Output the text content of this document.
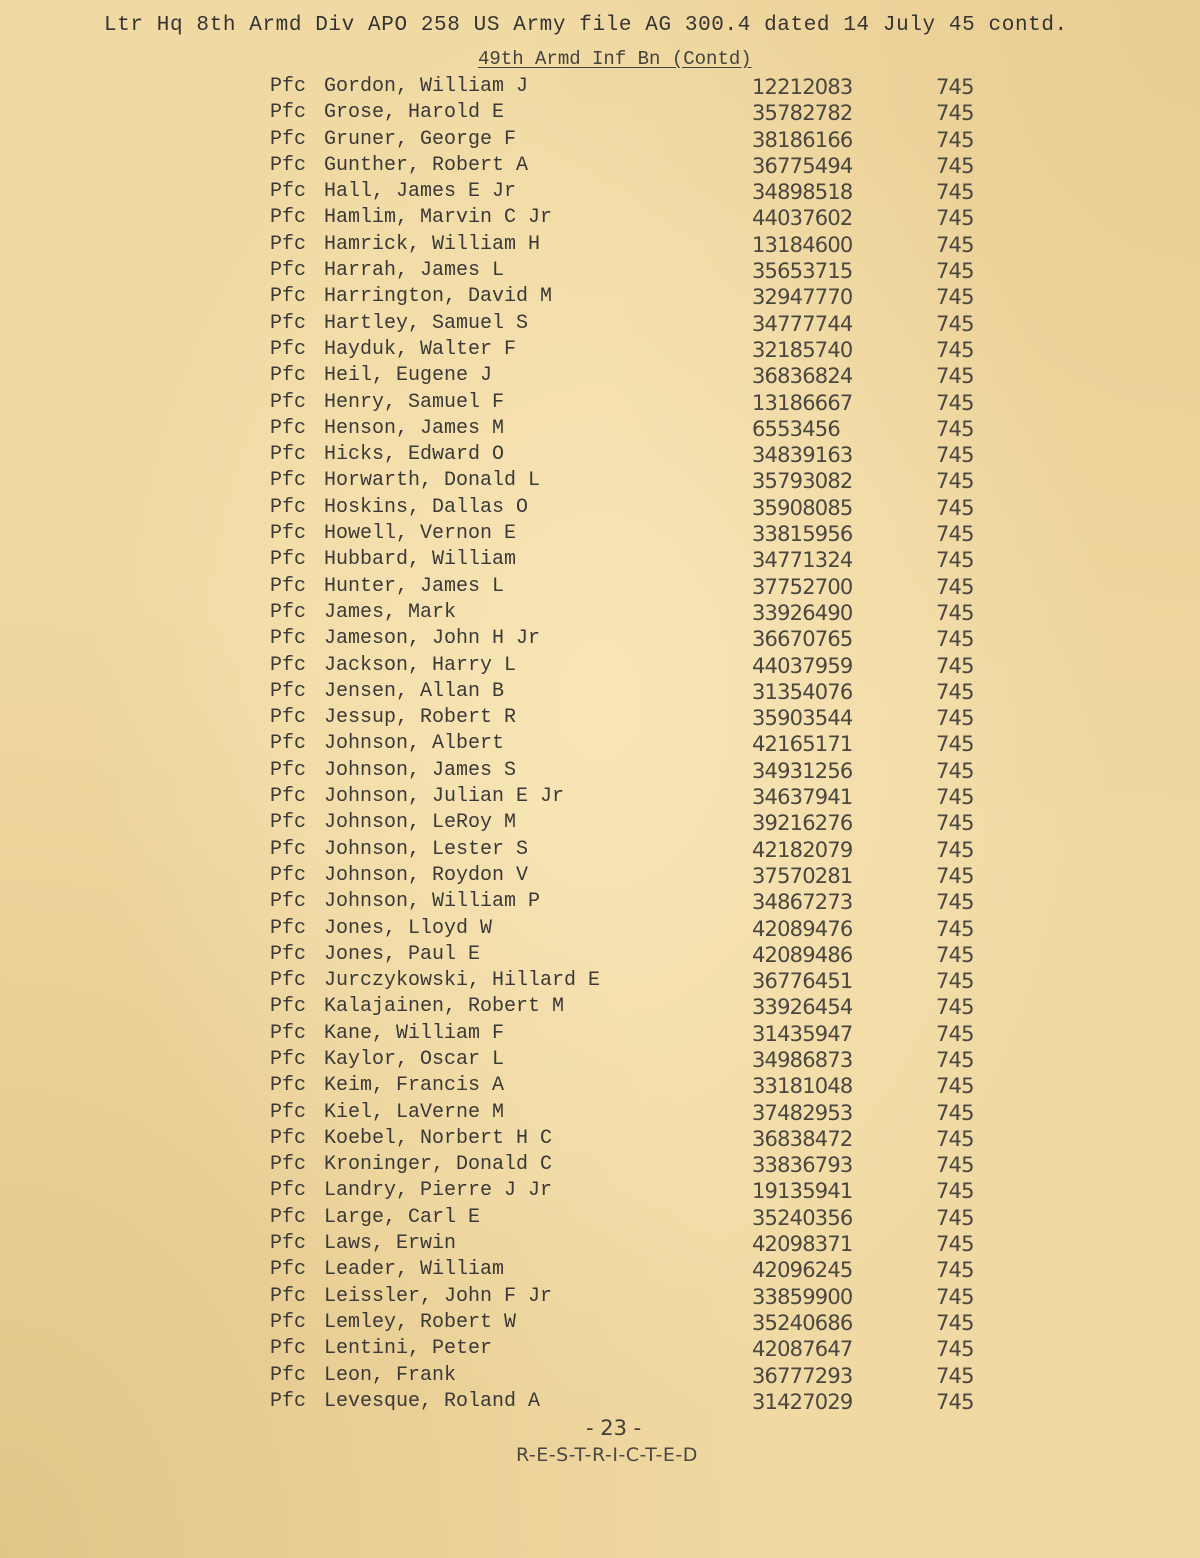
Ltr Hq 8th Armd Div APO 258 US Army file AG 300.4 dated 14 July 45 contd.
49th Armd Inf Bn (Contd)
Pfc Gordon, William J	12212083	745
Pfc Grose, Harold E	35782782	745
Pfc Gruner, George F	38186166	745
Pfc Gunther, Robert A	36775494	745
Pfc Hall, James E Jr	34898518	745
Pfc Hamlim, Marvin C Jr	44037602	745
Pfc Hamrick, William H	13184600	745
Pfc Harrah, James L	35653715	745
Pfc Harrington, David M	32947770	745
Pfc Hartley, Samuel S	34777744	745
Pfc Hayduk, Walter F	32185740	745
Pfc Heil, Eugene J	36836824	745
Pfc Henry, Samuel F	13186667	745
Pfc Henson, James M	6553456	745
Pfc Hicks, Edward O	34839163	745
Pfc Horwarth, Donald L	35793082	745
Pfc Hoskins, Dallas O	35908085	745
Pfc Howell, Vernon E	33815956	745
Pfc Hubbard, William	34771324	745
Pfc Hunter, James L	37752700	745
Pfc James, Mark	33926490	745
Pfc Jameson, John H Jr	36670765	745
Pfc Jackson, Harry L	44037959	745
Pfc Jensen, Allan B	31354076	745
Pfc Jessup, Robert R	35903544	745
Pfc Johnson, Albert	42165171	745
Pfc Johnson, James S	34931256	745
Pfc Johnson, Julian E Jr	34637941	745
Pfc Johnson, LeRoy M	39216276	745
Pfc Johnson, Lester S	42182079	745
Pfc Johnson, Roydon V	37570281	745
Pfc Johnson, William P	34867273	745
Pfc Jones, Lloyd W	42089476	745
Pfc Jones, Paul E	42089486	745
Pfc Jurczykowski, Hillard E	36776451	745
Pfc Kalajainen, Robert M	33926454	745
Pfc Kane, William F	31435947	745
Pfc Kaylor, Oscar L	34986873	745
Pfc Keim, Francis A	33181048	745
Pfc Kiel, LaVerne M	37482953	745
Pfc Koebel, Norbert H C	36838472	745
Pfc Kroninger, Donald C	33836793	745
Pfc Landry, Pierre J Jr	19135941	745
Pfc Large, Carl E	35240356	745
Pfc Laws, Erwin	42098371	745
Pfc Leader, William	42096245	745
Pfc Leissler, John F Jr	33859900	745
Pfc Lemley, Robert W	35240686	745
Pfc Lentini, Peter	42087647	745
Pfc Leon, Frank	36777293	745
Pfc Levesque, Roland A	31427029	745
- 23 -
R-E-S-T-R-I-C-T-E-D
